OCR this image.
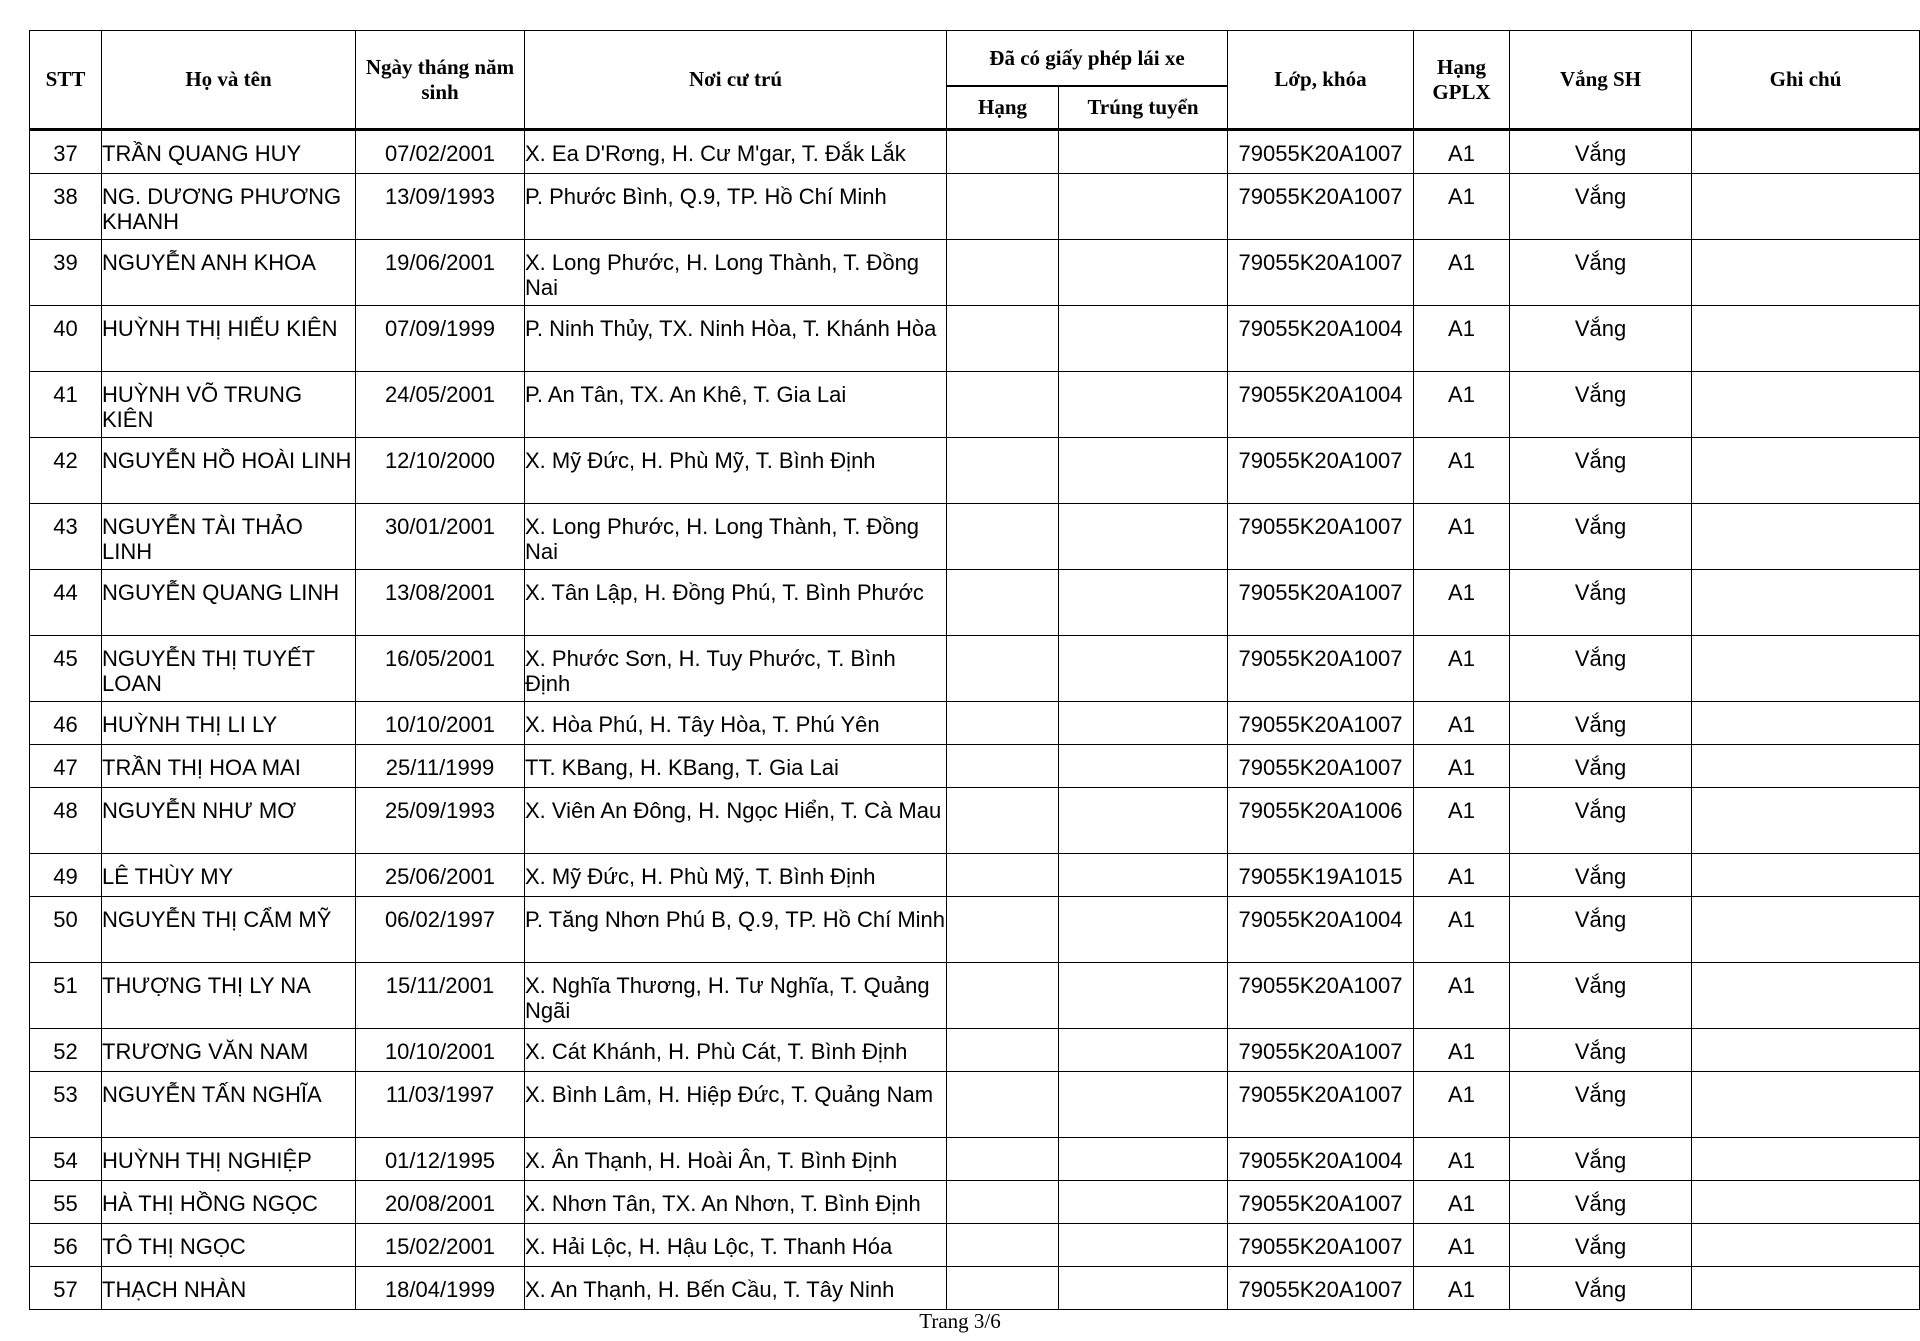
STT	Họ và tên	Ngày tháng năm sinh	Nơi cư trú	Đã có giấy phép lái xe		Lớp, khóa	Hạng GPLX	Vắng SH	Ghi chú
				Hạng	Trúng tuyển				
37	TRẦN QUANG HUY	07/02/2001	X. Ea D'Rơng, H. Cư M'gar, T. Đắk Lắk			79055K20A1007	A1	Vắng	
38	NG. DƯƠNG PHƯƠNG KHANH	13/09/1993	P. Phước Bình, Q.9, TP. Hồ Chí Minh			79055K20A1007	A1	Vắng	
39	NGUYỄN ANH KHOA	19/06/2001	X. Long Phước, H. Long Thành, T. Đồng Nai			79055K20A1007	A1	Vắng	
40	HUỲNH THỊ HIẾU KIÊN	07/09/1999	P. Ninh Thủy, TX. Ninh Hòa, T. Khánh Hòa			79055K20A1004	A1	Vắng	
41	HUỲNH VÕ TRUNG KIÊN	24/05/2001	P. An Tân, TX. An Khê, T. Gia Lai			79055K20A1004	A1	Vắng	
42	NGUYỄN HỒ HOÀI LINH	12/10/2000	X. Mỹ Đức, H. Phù Mỹ, T. Bình Định			79055K20A1007	A1	Vắng	
43	NGUYỄN TÀI THẢO LINH	30/01/2001	X. Long Phước, H. Long Thành, T. Đồng Nai			79055K20A1007	A1	Vắng	
44	NGUYỄN QUANG LINH	13/08/2001	X. Tân Lập, H. Đồng Phú, T. Bình Phước			79055K20A1007	A1	Vắng	
45	NGUYỄN THỊ TUYẾT LOAN	16/05/2001	X. Phước Sơn, H. Tuy Phước, T. Bình Định			79055K20A1007	A1	Vắng	
46	HUỲNH THỊ LI LY	10/10/2001	X. Hòa Phú, H. Tây Hòa, T. Phú Yên			79055K20A1007	A1	Vắng	
47	TRẦN THỊ HOA MAI	25/11/1999	TT. KBang, H. KBang, T. Gia Lai			79055K20A1007	A1	Vắng	
48	NGUYỄN NHƯ MƠ	25/09/1993	X. Viên An Đông, H. Ngọc Hiển, T. Cà Mau			79055K20A1006	A1	Vắng	
49	LÊ THÙY MY	25/06/2001	X. Mỹ Đức, H. Phù Mỹ, T. Bình Định			79055K19A1015	A1	Vắng	
50	NGUYỄN THỊ CẨM MỸ	06/02/1997	P. Tăng Nhơn Phú B, Q.9, TP. Hồ Chí Minh			79055K20A1004	A1	Vắng	
51	THƯỢNG THỊ LY NA	15/11/2001	X. Nghĩa Thương, H. Tư Nghĩa, T. Quảng Ngãi			79055K20A1007	A1	Vắng	
52	TRƯƠNG VĂN NAM	10/10/2001	X. Cát Khánh, H. Phù Cát, T. Bình Định			79055K20A1007	A1	Vắng	
53	NGUYỄN TẤN NGHĨA	11/03/1997	X. Bình Lâm, H. Hiệp Đức, T. Quảng Nam			79055K20A1007	A1	Vắng	
54	HUỲNH THỊ NGHIỆP	01/12/1995	X. Ân Thạnh, H. Hoài Ân, T. Bình Định			79055K20A1004	A1	Vắng	
55	HÀ THỊ HỒNG NGỌC	20/08/2001	X. Nhơn Tân, TX. An Nhơn, T. Bình Định			79055K20A1007	A1	Vắng	
56	TÔ THỊ NGỌC	15/02/2001	X. Hải Lộc, H. Hậu Lộc, T. Thanh Hóa			79055K20A1007	A1	Vắng	
57	THẠCH NHÀN	18/04/1999	X. An Thạnh, H. Bến Cầu, T. Tây Ninh			79055K20A1007	A1	Vắng	
Trang 3/6
